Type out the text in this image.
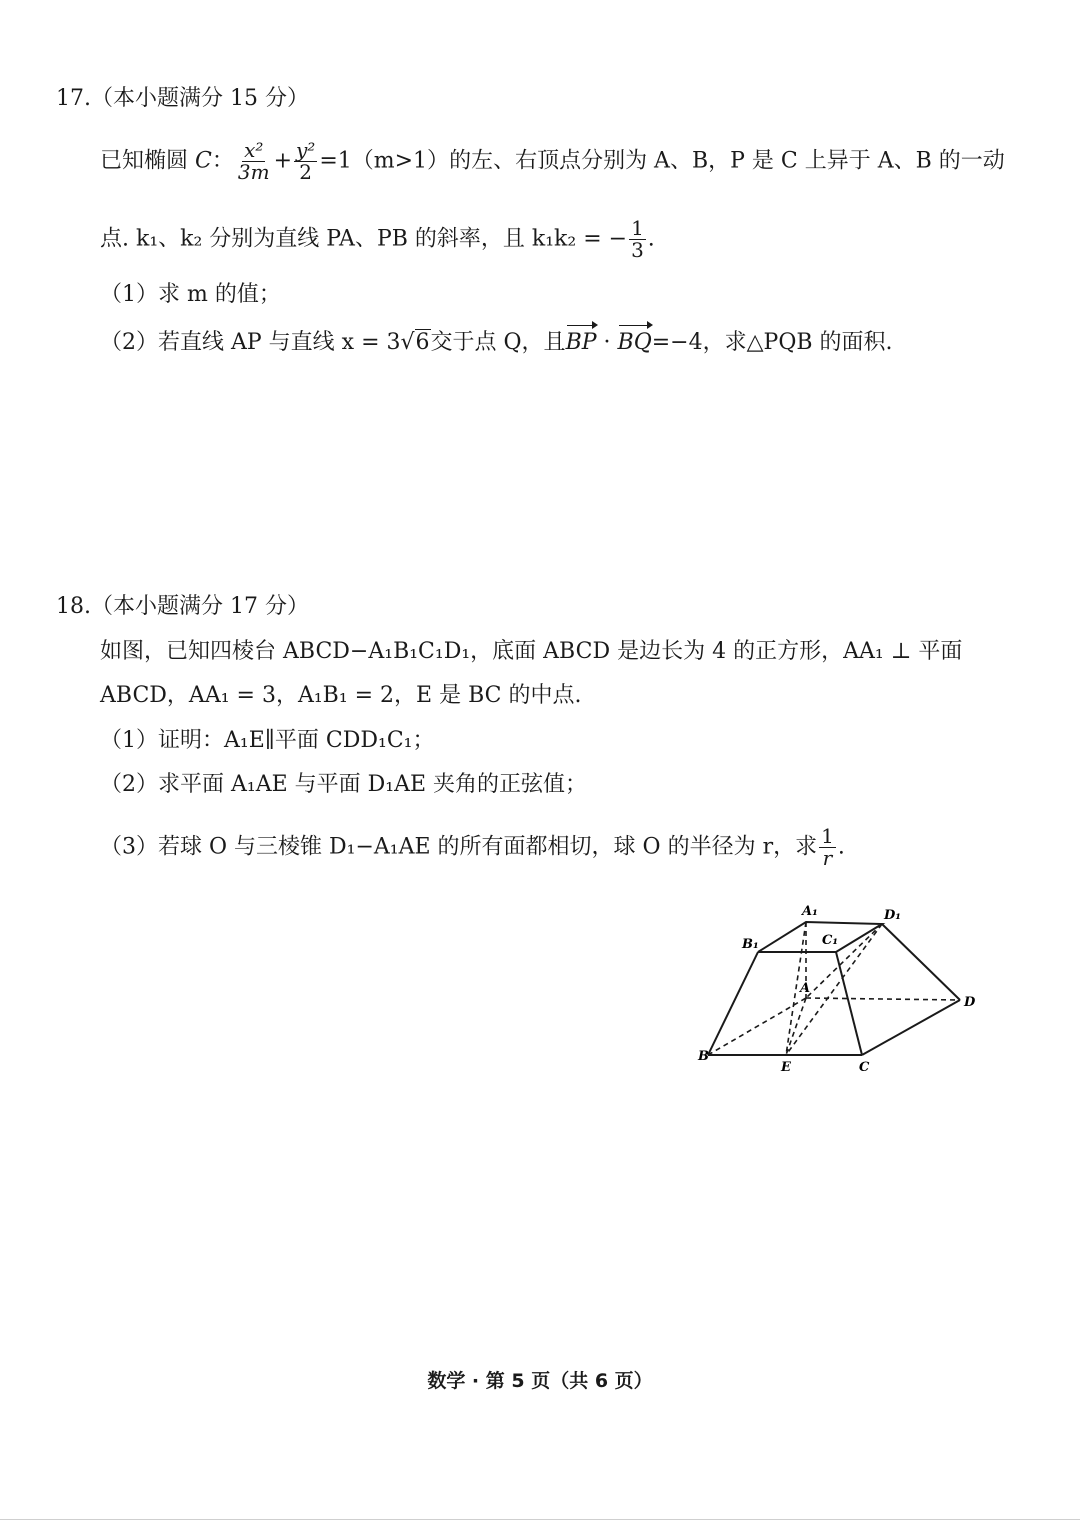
17.（本小题满分 15 分）
已知椭圆 C： $\frac{\text{x²}}{3m} + \frac{\text{y²}}{2} =1(m>1)$的左、右顶点分别为 A、B，P 是 C 上异于 A、B 的一动
点. k₁、k₂ 分别为直线 PA、PB 的斜率，且 k₁k₂ = − $\frac{1}{3}$ .
（1）求 m 的值；
（2）若直线 AP 与直线 x = 3√6交于点 Q，且BP · BQ=−4，求△PQB 的面积.
18.（本小题满分 17 分）
如图，已知四棱台 ABCD−A₁B₁C₁D₁，底面 ABCD 是边长为 4 的正方形，AA₁ ⊥ 平面
ABCD，AA₁ = 3，A₁B₁ = 2，E 是 BC 的中点.
（1）证明：A₁E∥平面 CDD₁C₁；
（2）求平面 A₁AE 与平面 D₁AE 夹角的正弦值；
（3）若球 O 与三棱锥 D₁−A₁AE 的所有面都相切，球 O 的半径为 r，求 $\frac{1}{r}$ .
A₁	D₁
B₁	C₁
A
D
B
E	C
数学 · 第 5 页（共 6 页）
